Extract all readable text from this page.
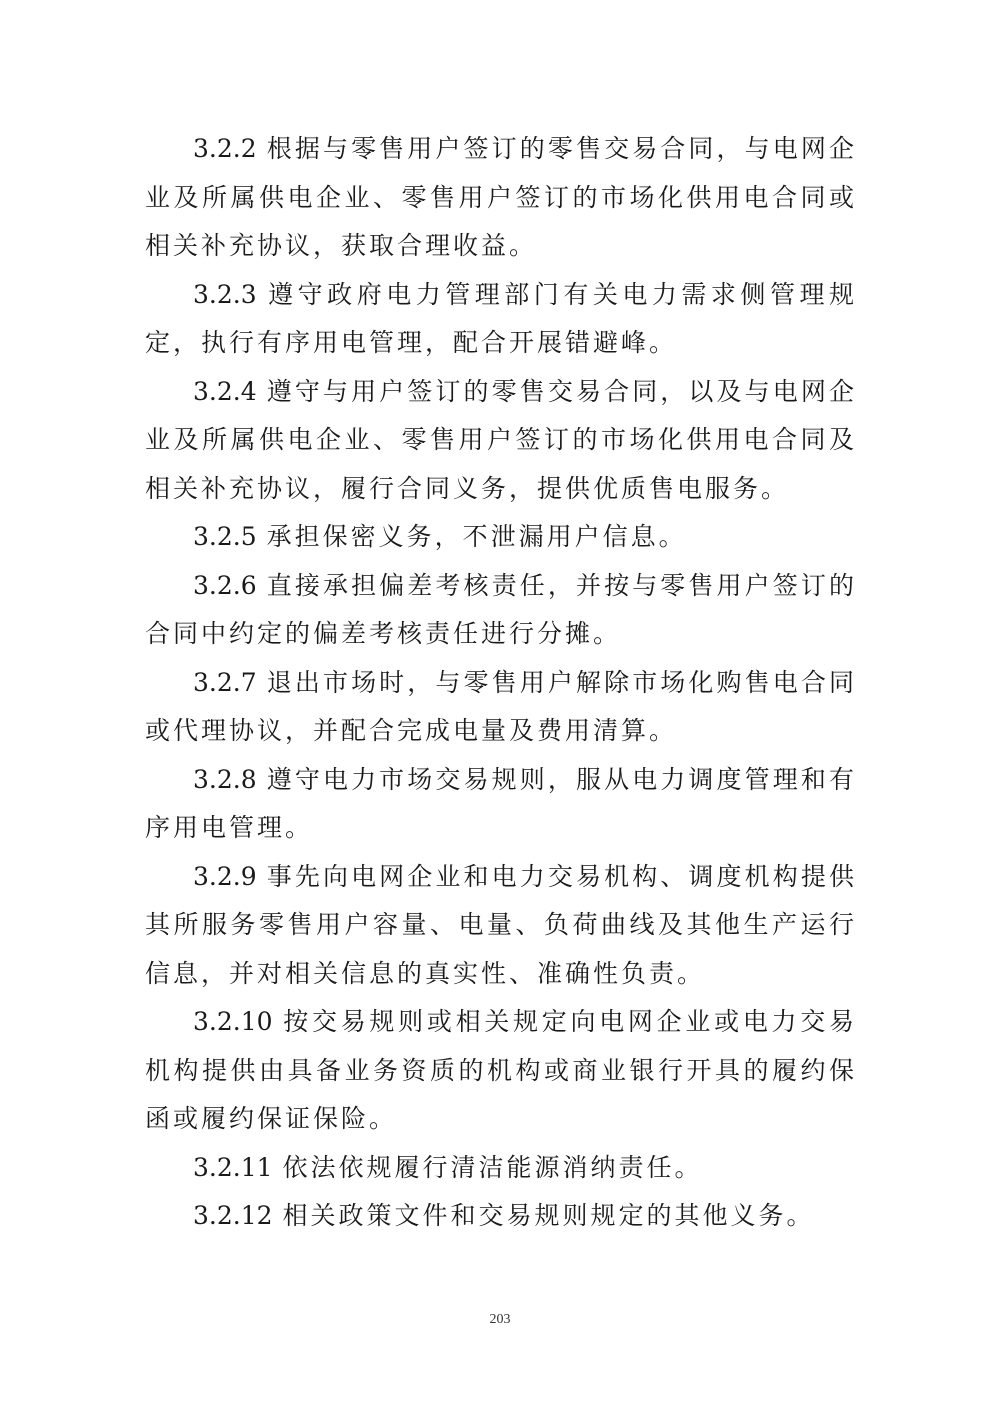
3.2.2 根据与零售用户签订的零售交易合同，与电网企业及所属供电企业、零售用户签订的市场化供用电合同或相关补充协议，获取合理收益。

3.2.3 遵守政府电力管理部门有关电力需求侧管理规定，执行有序用电管理，配合开展错避峰。

3.2.4 遵守与用户签订的零售交易合同，以及与电网企业及所属供电企业、零售用户签订的市场化供用电合同及相关补充协议，履行合同义务，提供优质售电服务。

3.2.5 承担保密义务，不泄漏用户信息。

3.2.6 直接承担偏差考核责任，并按与零售用户签订的合同中约定的偏差考核责任进行分摊。

3.2.7 退出市场时，与零售用户解除市场化购售电合同或代理协议，并配合完成电量及费用清算。

3.2.8 遵守电力市场交易规则，服从电力调度管理和有序用电管理。

3.2.9 事先向电网企业和电力交易机构、调度机构提供其所服务零售用户容量、电量、负荷曲线及其他生产运行信息，并对相关信息的真实性、准确性负责。

3.2.10 按交易规则或相关规定向电网企业或电力交易机构提供由具备业务资质的机构或商业银行开具的履约保函或履约保证保险。

3.2.11 依法依规履行清洁能源消纳责任。

3.2.12 相关政策文件和交易规则规定的其他义务。

203
